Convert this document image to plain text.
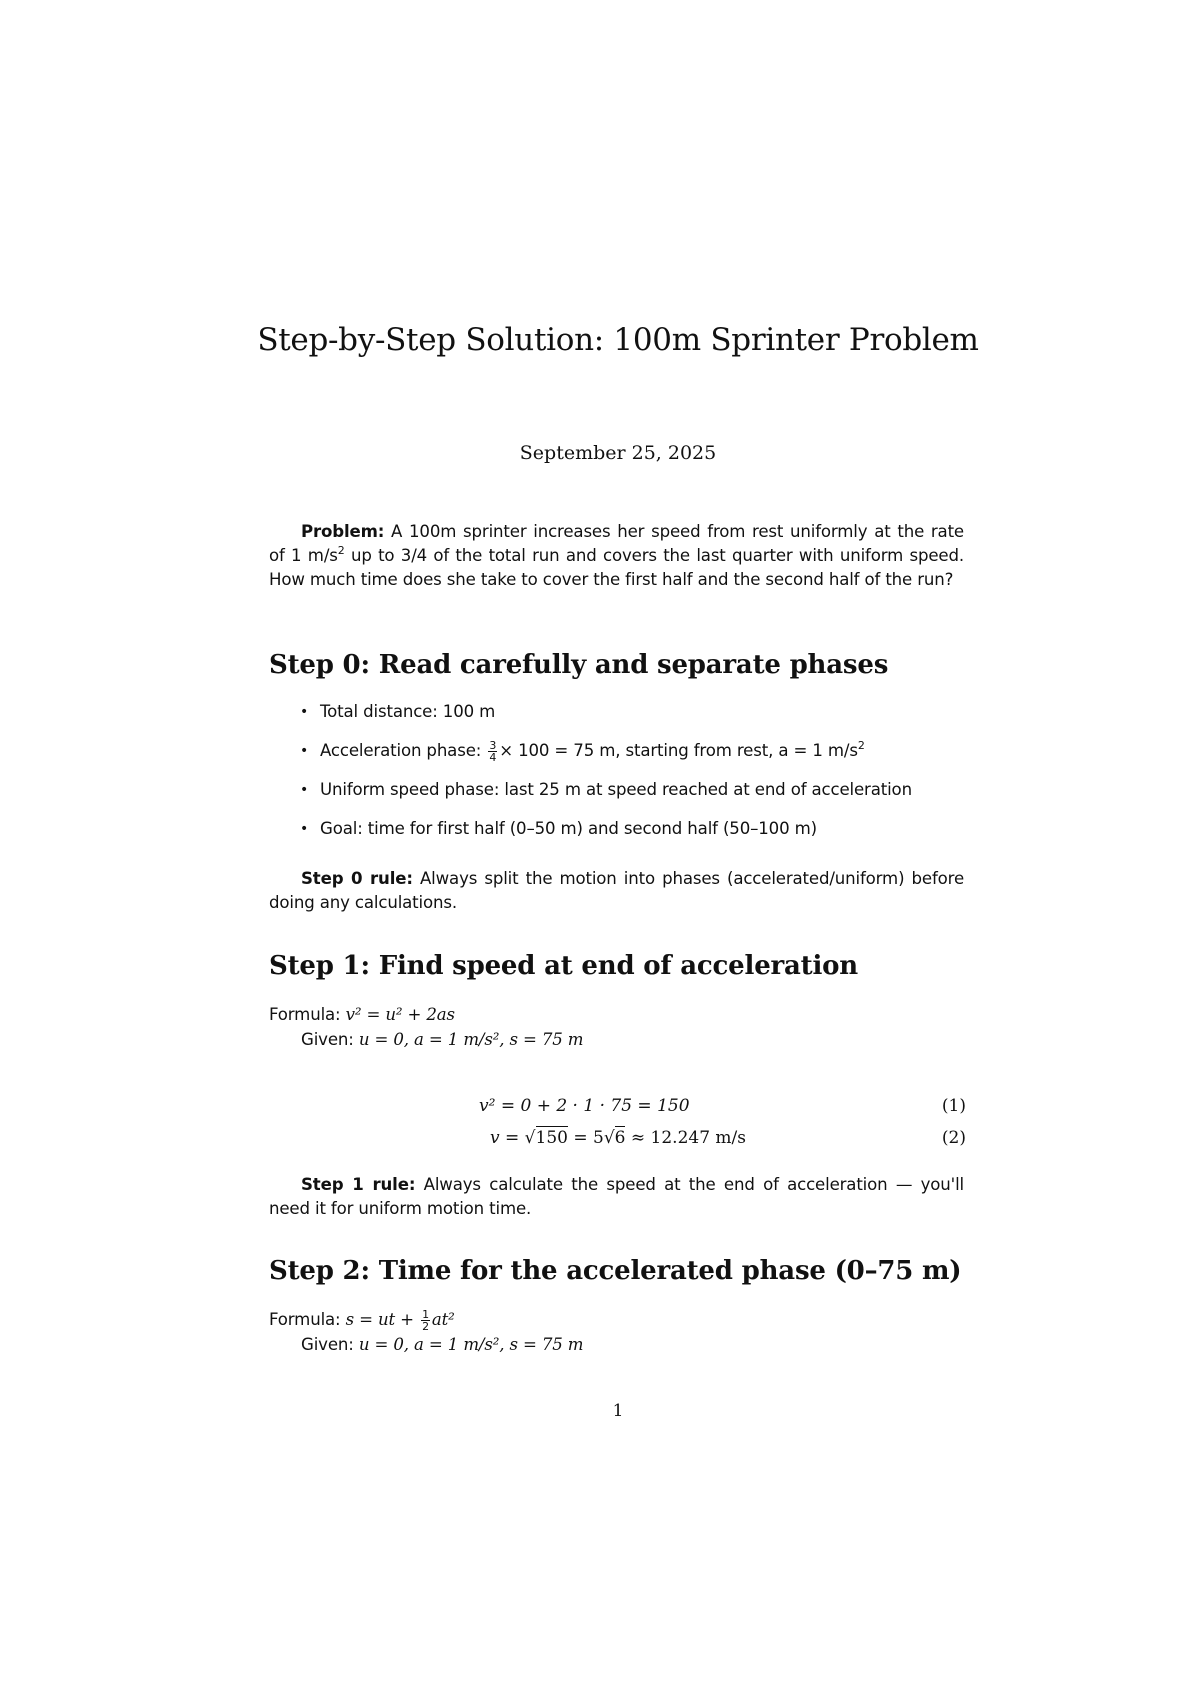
Step-by-Step Solution: 100m Sprinter Problem
September 25, 2025

Problem: A 100m sprinter increases her speed from rest uniformly at the rate of 1 $m/s^2$ up to 3/4 of the total run and covers the last quarter with uniform speed. How much time does she take to cover the first half and the second half of the run?

Step 0: Read carefully and separate phases
• Total distance: 100 m
• Acceleration phase: $\frac{3}{4} \times 100 = 75$ m, starting from rest, a = 1 $m/s^2$
• Uniform speed phase: last 25 m at speed reached at end of acceleration
• Goal: time for first half (0–50 m) and second half (50–100 m)

Step 0 rule: Always split the motion into phases (accelerated/uniform) before doing any calculations.

Step 1: Find speed at end of acceleration
Formula: v² = u² + 2as
Given: u = 0, a = 1 m/s², s = 75 m
v² = 0 + 2 · 1 · 75 = 150	(1)
v = √150 = 5√6 ≈ 12.247 m/s	(2)

Step 1 rule: Always calculate the speed at the end of acceleration — you'll need it for uniform motion time.

Step 2: Time for the accelerated phase (0–75 m)
Formula: s = ut + $\frac{1}{2} at^2$
Given: u = 0, a = 1 m/s², s = 75 m
1
